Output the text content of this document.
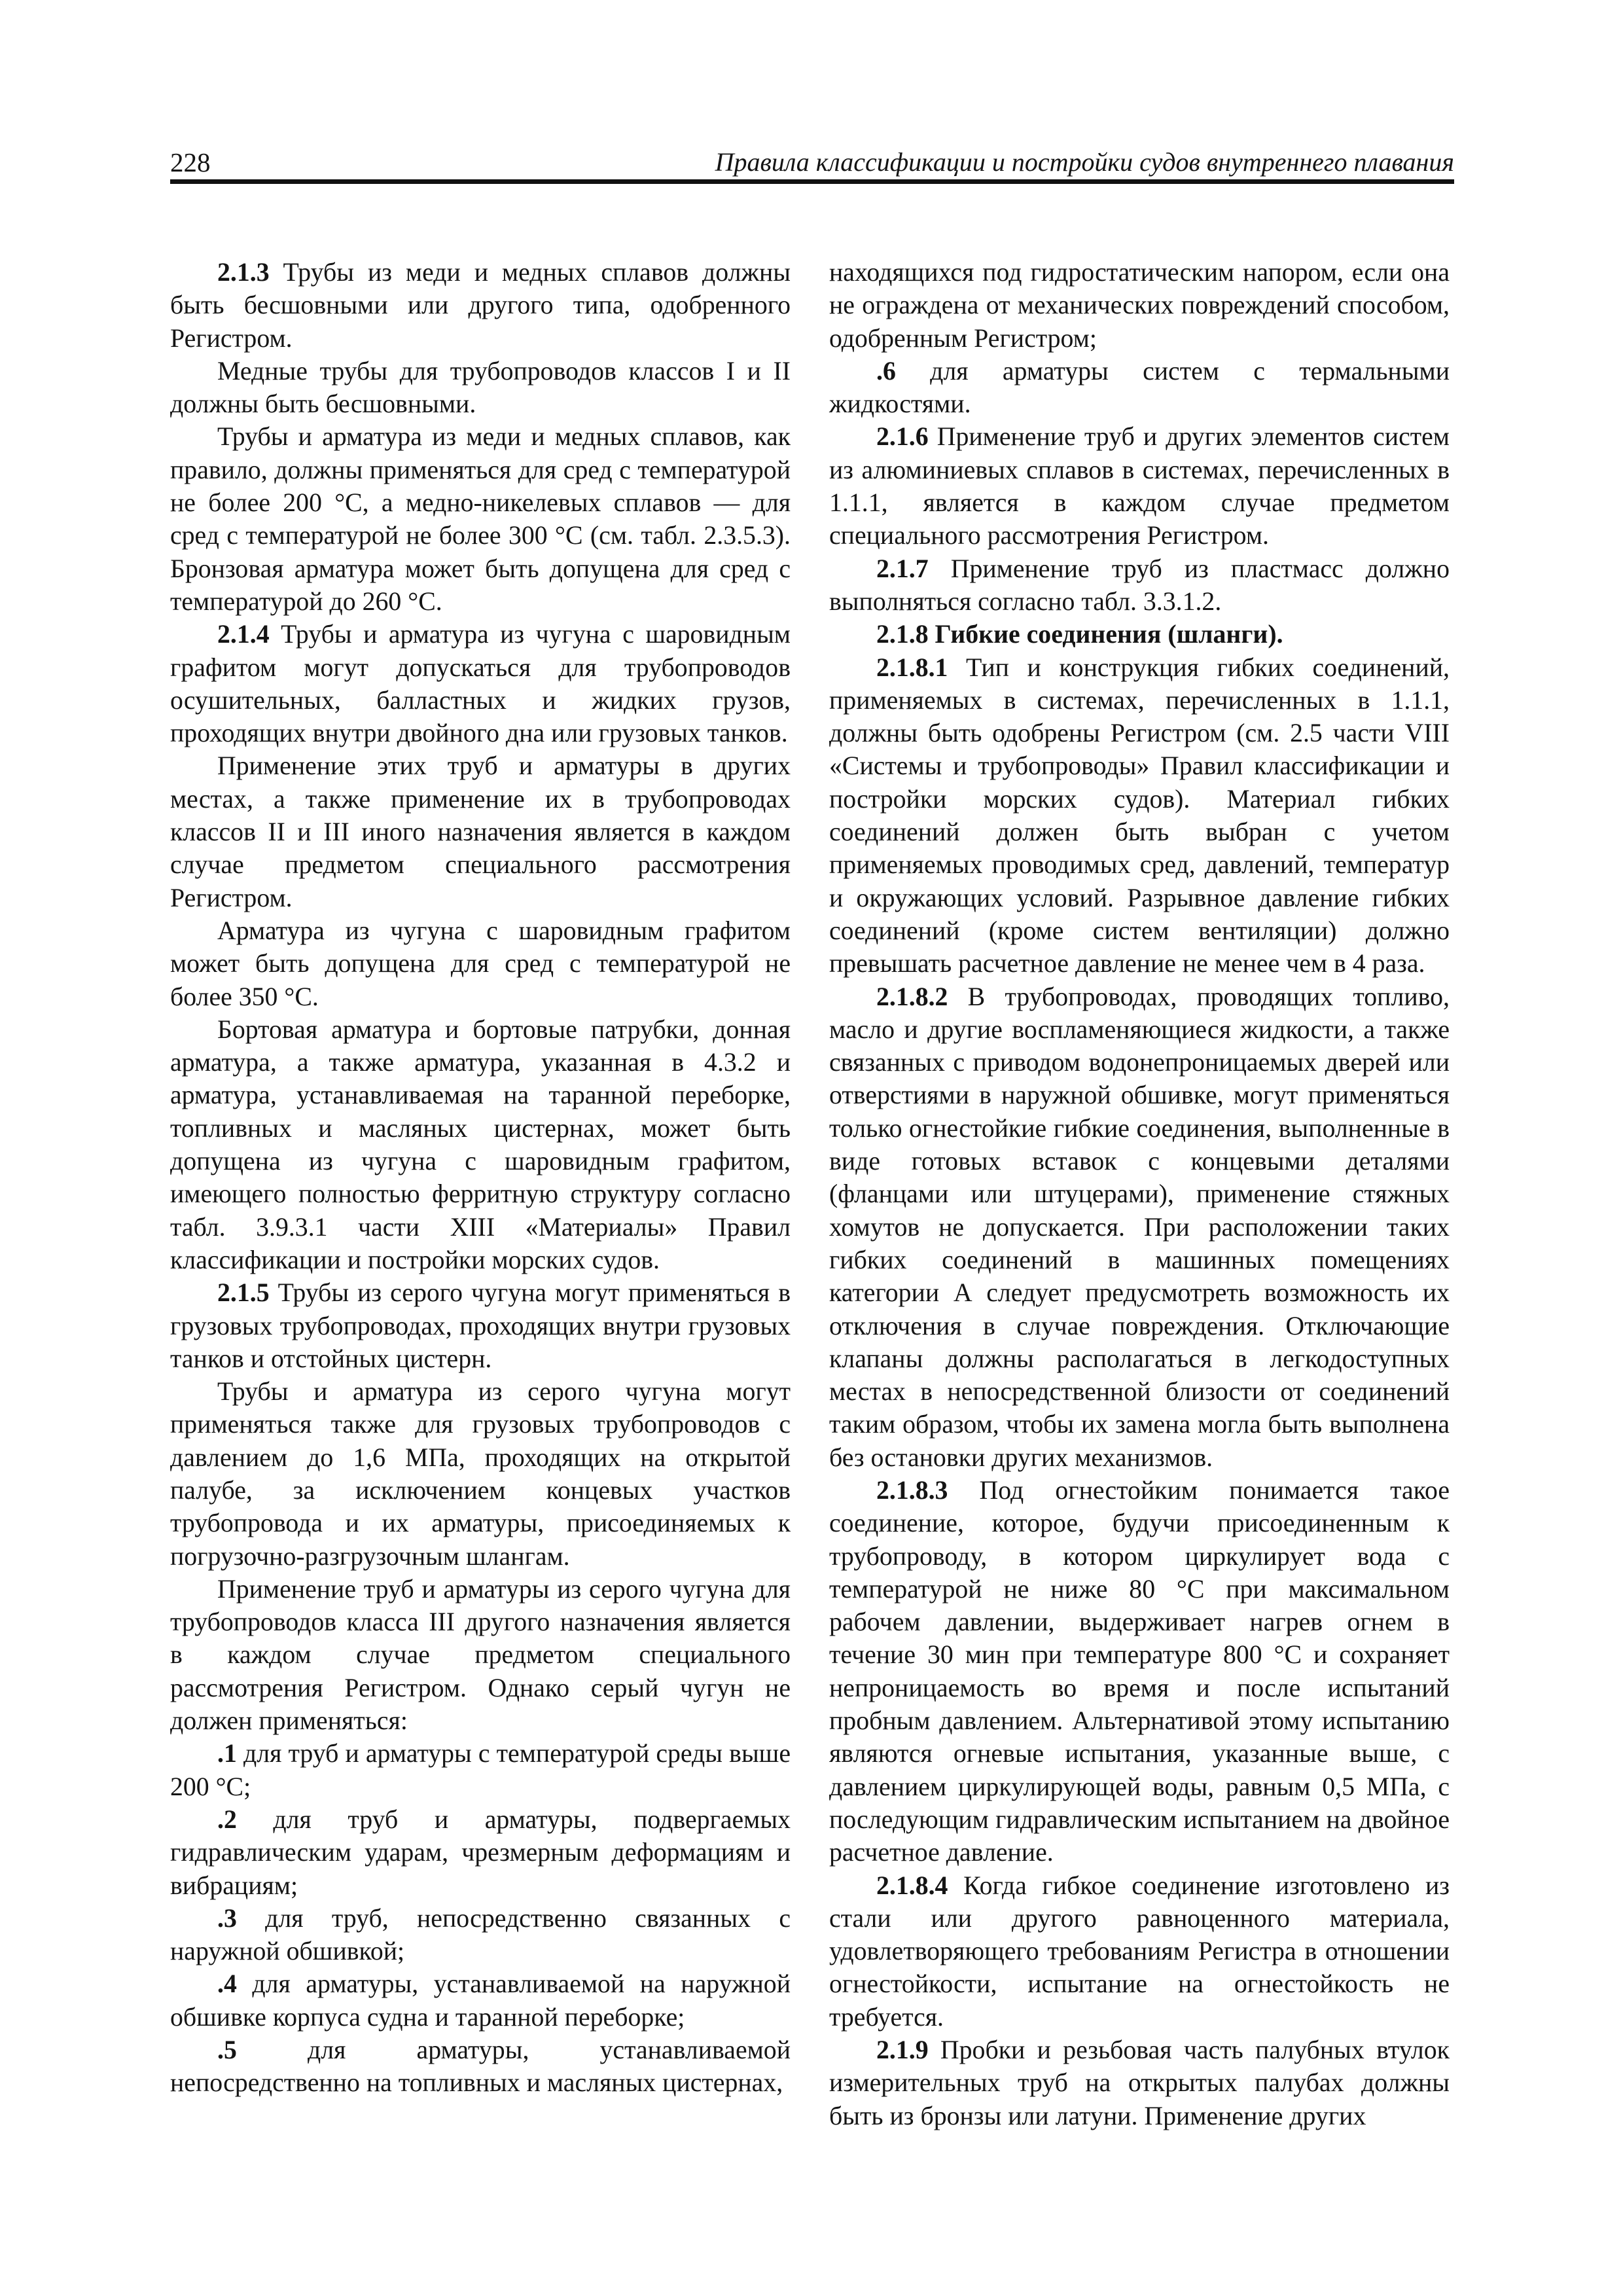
228	Правила классификации и постройки судов внутреннего плавания

2.1.3 Трубы из меди и медных сплавов должны быть бесшовными или другого типа, одобренного Регистром.

Медные трубы для трубопроводов классов I и II должны быть бесшовными.

Трубы и арматура из меди и медных сплавов, как правило, должны применяться для сред с температурой не более 200 °С, а медно-никелевых сплавов — для сред с температурой не более 300 °С (см. табл. 2.3.5.3). Бронзовая арматура может быть допущена для сред с температурой до 260 °С.

2.1.4 Трубы и арматура из чугуна с шаровидным графитом могут допускаться для трубопроводов осушительных, балластных и жидких грузов, проходящих внутри двойного дна или грузовых танков.

Применение этих труб и арматуры в других местах, а также применение их в трубопроводах классов II и III иного назначения является в каждом случае предметом специального рассмотрения Регистром.

Арматура из чугуна с шаровидным графитом может быть допущена для сред с температурой не более 350 °С.

Бортовая арматура и бортовые патрубки, донная арматура, а также арматура, указанная в 4.3.2 и арматура, устанавливаемая на таранной переборке, топливных и масляных цистернах, может быть допущена из чугуна с шаровидным графитом, имеющего полностью ферритную структуру согласно табл. 3.9.3.1 части XIII «Материалы» Правил классификации и постройки морских судов.

2.1.5 Трубы из серого чугуна могут применяться в грузовых трубопроводах, проходящих внутри грузовых танков и отстойных цистерн.

Трубы и арматура из серого чугуна могут применяться также для грузовых трубопроводов с давлением до 1,6 МПа, проходящих на открытой палубе, за исключением концевых участков трубопровода и их арматуры, присоединяемых к погрузочно-разгрузочным шлангам.

Применение труб и арматуры из серого чугуна для трубопроводов класса III другого назначения является в каждом случае предметом специального рассмотрения Регистром. Однако серый чугун не должен применяться:

.1 для труб и арматуры с температурой среды выше 200 °С;

.2 для труб и арматуры, подвергаемых гидравлическим ударам, чрезмерным деформациям и вибрациям;

.3 для труб, непосредственно связанных с наружной обшивкой;

.4 для арматуры, устанавливаемой на наружной обшивке корпуса судна и таранной переборке;

.5 для арматуры, устанавливаемой непосредственно на топливных и масляных цистернах,

находящихся под гидростатическим напором, если она не ограждена от механических повреждений способом, одобренным Регистром;

.6 для арматуры систем с термальными жидкостями.

2.1.6 Применение труб и других элементов систем из алюминиевых сплавов в системах, перечисленных в 1.1.1, является в каждом случае предметом специального рассмотрения Регистром.

2.1.7 Применение труб из пластмасс должно выполняться согласно табл. 3.3.1.2.

2.1.8 Гибкие соединения (шланги).

2.1.8.1 Тип и конструкция гибких соединений, применяемых в системах, перечисленных в 1.1.1, должны быть одобрены Регистром (см. 2.5 части VIII «Системы и трубопроводы» Правил классификации и постройки морских судов). Материал гибких соединений должен быть выбран с учетом применяемых проводимых сред, давлений, температур и окружающих условий. Разрывное давление гибких соединений (кроме систем вентиляции) должно превышать расчетное давление не менее чем в 4 раза.

2.1.8.2 В трубопроводах, проводящих топливо, масло и другие воспламеняющиеся жидкости, а также связанных с приводом водонепроницаемых дверей или отверстиями в наружной обшивке, могут применяться только огнестойкие гибкие соединения, выполненные в виде готовых вставок с концевыми деталями (фланцами или штуцерами), применение стяжных хомутов не допускается. При расположении таких гибких соединений в машинных помещениях категории А следует предусмотреть возможность их отключения в случае повреждения. Отключающие клапаны должны располагаться в легкодоступных местах в непосредственной близости от соединений таким образом, чтобы их замена могла быть выполнена без остановки других механизмов.

2.1.8.3 Под огнестойким понимается такое соединение, которое, будучи присоединенным к трубопроводу, в котором циркулирует вода с температурой не ниже 80 °С при максимальном рабочем давлении, выдерживает нагрев огнем в течение 30 мин при температуре 800 °С и сохраняет непроницаемость во время и после испытаний пробным давлением. Альтернативой этому испытанию являются огневые испытания, указанные выше, с давлением циркулирующей воды, равным 0,5 МПа, с последующим гидравлическим испытанием на двойное расчетное давление.

2.1.8.4 Когда гибкое соединение изготовлено из стали или другого равноценного материала, удовлетворяющего требованиям Регистра в отношении огнестойкости, испытание на огнестойкость не требуется.

2.1.9 Пробки и резьбовая часть палубных втулок измерительных труб на открытых палубах должны быть из бронзы или латуни. Применение других
